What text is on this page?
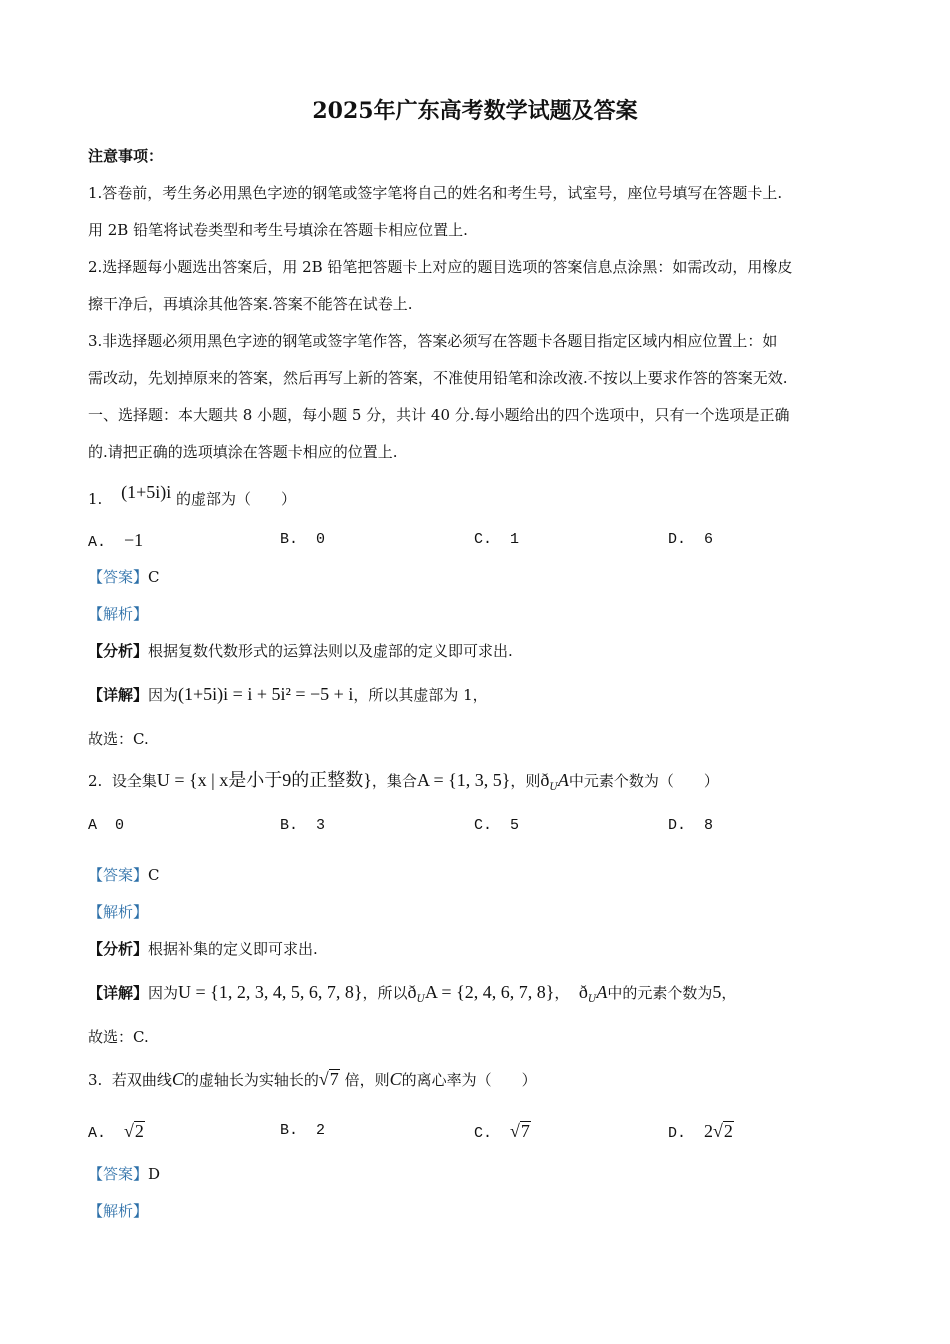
2025年广东高考数学试题及答案
注意事项：
1.答卷前，考生务必用黑色字迹的钢笔或签字笔将自己的姓名和考生号，试室号，座位号填写在答题卡上.
用 2B 铅笔将试卷类型和考生号填涂在答题卡相应位置上.
2.选择题每小题选出答案后，用 2B 铅笔把答题卡上对应的题目选项的答案信息点涂黑：如需改动，用橡皮
擦干净后，再填涂其他答案.答案不能答在试卷上.
3.非选择题必须用黑色字迹的钢笔或签字笔作答，答案必须写在答题卡各题目指定区域内相应位置上：如
需改动，先划掉原来的答案，然后再写上新的答案，不准使用铅笔和涂改液.不按以上要求作答的答案无效.
一、选择题：本大题共 8 小题，每小题 5 分，共计 40 分.每小题给出的四个选项中，只有一个选项是正确
的.请把正确的选项填涂在答题卡相应的位置上.
1. (1+5i)i 的虚部为（　　）
A. −1	B. 0	C. 1	D. 6
【答案】C
【解析】
【分析】根据复数代数形式的运算法则以及虚部的定义即可求出.
【详解】因为(1+5i)i = i + 5i² = −5 + i，所以其虚部为 1，
故选：C.
2. 设全集U = {x | x是小于9的正整数}，集合A = {1, 3, 5}，则$ð_UA$中元素个数为（　　）
A 0	B. 3	C. 5	D. 8
【答案】C
【解析】
【分析】根据补集的定义即可求出.
【详解】因为U = {1, 2, 3, 4, 5, 6, 7, 8}，所以$ð_UA = \{2$, 4, 6, 7, 8}， $ð_UA$中的元素个数为5，
故选：C.
3. 若双曲线C的虚轴长为实轴长的√7 倍，则C的离心率为（　　）
A. √2	B. 2	C. √7	D. 2√2
【答案】D
【解析】
